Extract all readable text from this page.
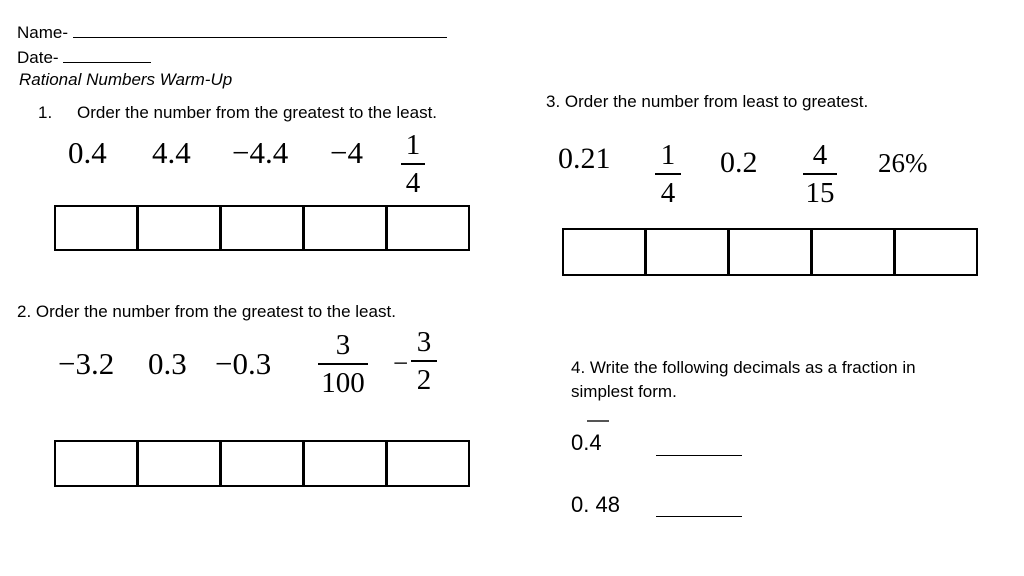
Name-
Date-
Rational Numbers Warm-Up
1. Order the number from the greatest to the least.
0.4 4.4 −4.4 −4 1
4
2. Order the number from the greatest to the least.
−3.2 0.3 −0.3
3
100
−
3
2
3. Order the number from least to greatest.
0.21 1
4
0.2	4
15
26%
4. Write the following decimals as a fraction in
simplest form.
0.4
0. 48
